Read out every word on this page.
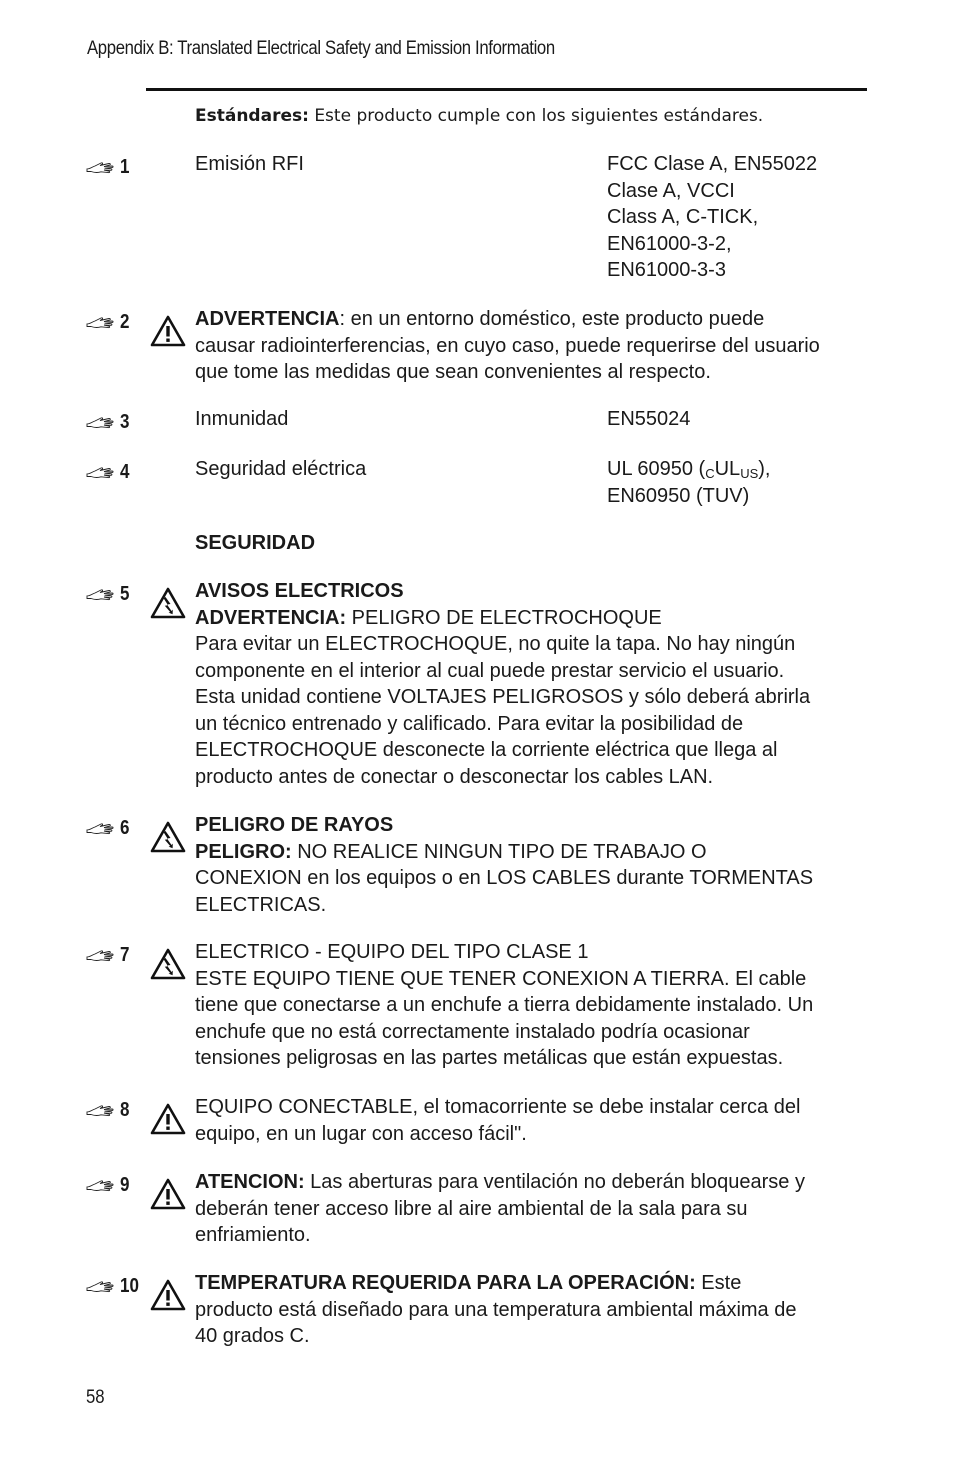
Appendix B: Translated Electrical Safety and Emission Information
Estándares: Este producto cumple con los siguientes estándares.
1	Emisión RFI	FCC Clase A, EN55022
Clase A, VCCI
Class A, C-TICK,
EN61000-3-2,
EN61000-3-3
2	ADVERTENCIA: en un entorno doméstico, este producto puede
causar radiointerferencias, en cuyo caso, puede requerirse del usuario
que tome las medidas que sean convenientes al respecto.
3	Inmunidad	EN55024
4	Seguridad eléctrica	UL 60950 $(_CUL_{US})$,
EN60950 (TUV)
SEGURIDAD
5	AVISOS ELECTRICOS
ADVERTENCIA: PELIGRO DE ELECTROCHOQUE
Para evitar un ELECTROCHOQUE, no quite la tapa. No hay ningún
componente en el interior al cual puede prestar servicio el usuario.
Esta unidad contiene VOLTAJES PELIGROSOS y sólo deberá abrirla
un técnico entrenado y calificado. Para evitar la posibilidad de
ELECTROCHOQUE desconecte la corriente eléctrica que llega al
producto antes de conectar o desconectar los cables LAN.
6	PELIGRO DE RAYOS
PELIGRO: NO REALICE NINGUN TIPO DE TRABAJO O
CONEXION en los equipos o en LOS CABLES durante TORMENTAS
ELECTRICAS.
7	ELECTRICO - EQUIPO DEL TIPO CLASE 1
ESTE EQUIPO TIENE QUE TENER CONEXION A TIERRA. El cable
tiene que conectarse a un enchufe a tierra debidamente instalado. Un
enchufe que no está correctamente instalado podría ocasionar
tensiones peligrosas en las partes metálicas que están expuestas.
8	EQUIPO CONECTABLE, el tomacorriente se debe instalar cerca del
equipo, en un lugar con acceso fácil".
9	ATENCION: Las aberturas para ventilación no deberán bloquearse y
deberán tener acceso libre al aire ambiental de la sala para su
enfriamiento.
10	TEMPERATURA REQUERIDA PARA LA OPERACIÓN: Este
producto está diseñado para una temperatura ambiental máxima de
40 grados C.
58
